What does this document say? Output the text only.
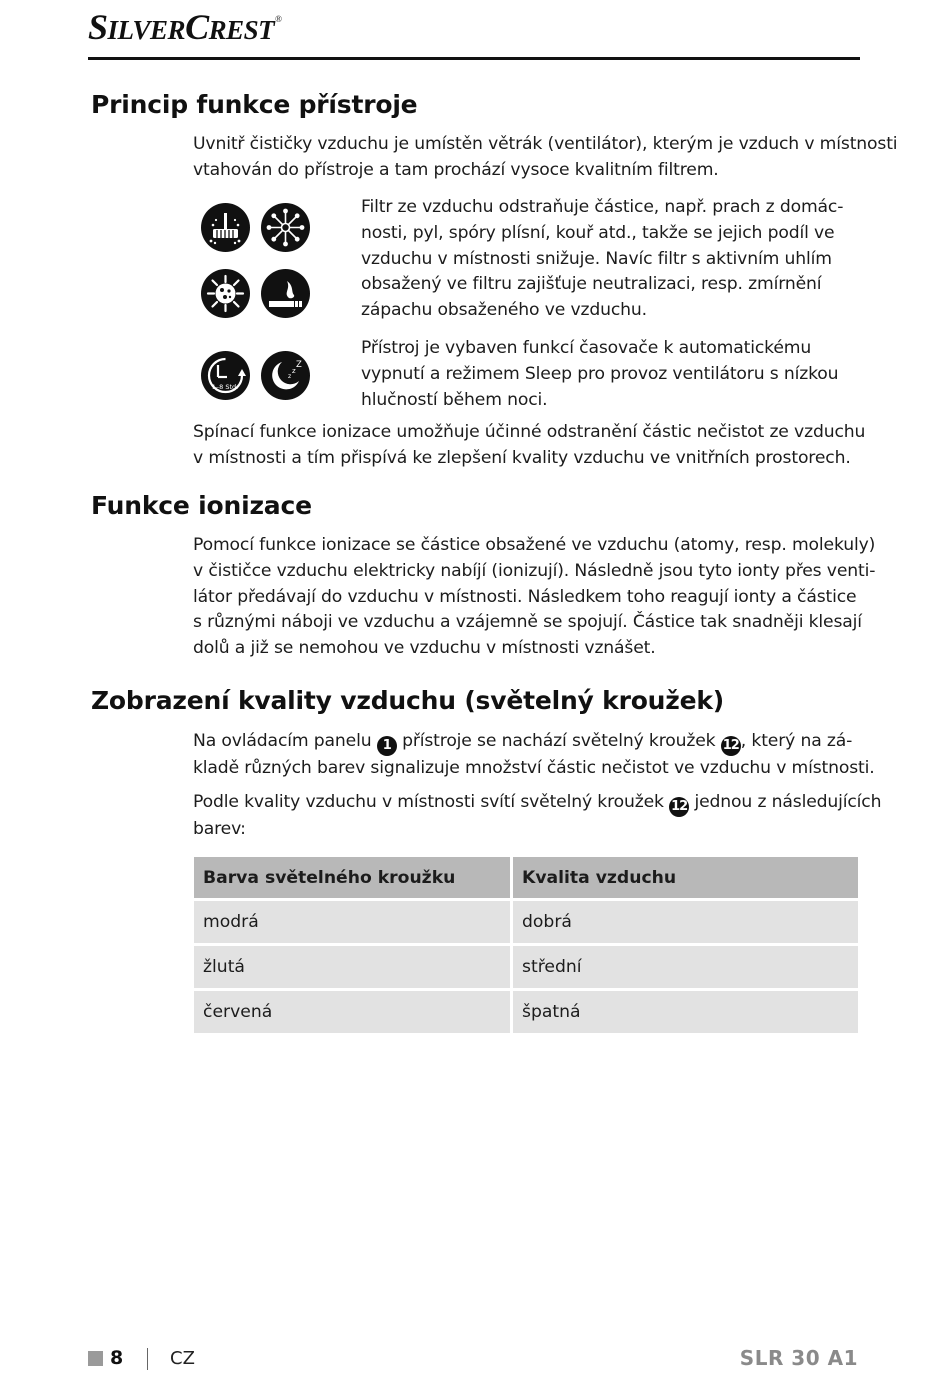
SILVERCREST®
Princip funkce přístroje

Uvnitř čističky vzduchu je umístěn větrák (ventilátor), kterým je vzduch v místnosti
vtahován do přístroje a tam prochází vysoce kvalitním filtrem.

1–8 Std.
z
z
Z

Filtr ze vzduchu odstraňuje částice, např. prach z domác-
nosti, pyl, spóry plísní, kouř atd., takže se jejich podíl ve
vzduchu v místnosti snižuje. Navíc filtr s aktivním uhlím
obsažený ve filtru zajišťuje neutralizaci, resp. zmírnění
zápachu obsaženého ve vzduchu.

Přístroj je vybaven funkcí časovače k automatickému
vypnutí a režimem Sleep pro provoz ventilátoru s nízkou
hlučností během noci.

Spínací funkce ionizace umožňuje účinné odstranění částic nečistot ze vzduchu
v místnosti a tím přispívá ke zlepšení kvality vzduchu ve vnitřních prostorech.

Funkce ionizace

Pomocí funkce ionizace se částice obsažené ve vzduchu (atomy, resp. molekuly)
v čističce vzduchu elektricky nabíjí (ionizují). Následně jsou tyto ionty přes venti-
látor předávají do vzduchu v místnosti. Následkem toho reagují ionty a částice
s různými náboji ve vzduchu a vzájemně se spojují. Částice tak snadněji klesají
dolů a již se nemohou ve vzduchu v místnosti vznášet.

Zobrazení kvality vzduchu (světelný kroužek)

Na ovládacím panelu 1 přístroje se nachází světelný kroužek 12 , který na zá-
kladě různých barev signalizuje množství částic nečistot ve vzduchu v místnosti.

Podle kvality vzduchu v místnosti svítí světelný kroužek 12 jednou z následujících
barev:

Barva světelného kroužku	Kvalita vzduchu
modrá	dobrá
žlutá	střední
červená	špatná
8	CZ	SLR 30 A1
